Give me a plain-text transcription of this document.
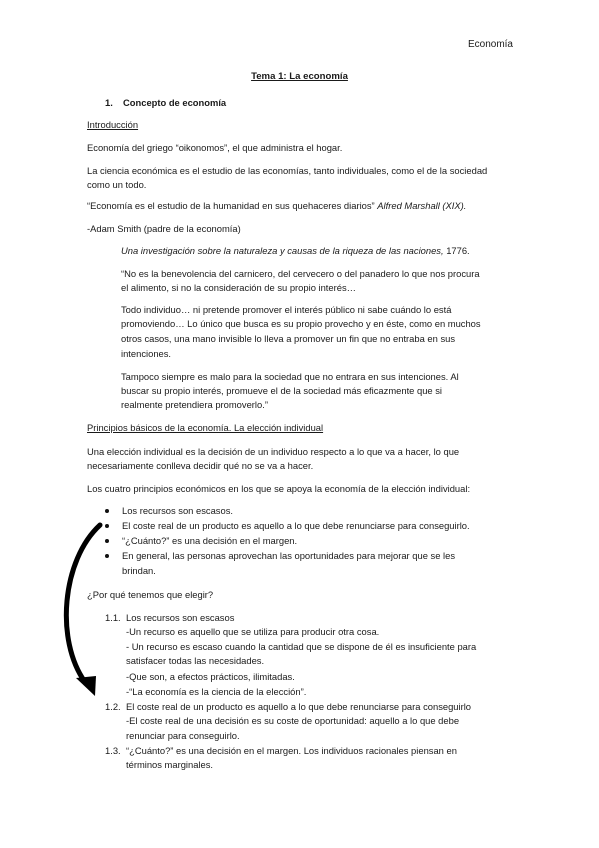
Economía
Tema 1: La economía
1. Concepto de economía
Introducción
Economía del griego “oikonomos”, el que administra el hogar.
La ciencia económica es el estudio de las economías, tanto individuales, como el de la sociedad
como un todo.
“Economía es el estudio de la humanidad en sus quehaceres diarios” Alfred Marshall (XIX).
-Adam Smith (padre de la economía)
Una investigación sobre la naturaleza y causas de la riqueza de las naciones, 1776.
“No es la benevolencia del carnicero, del cervecero o del panadero lo que nos procura
el alimento, si no la consideración de su propio interés…
Todo individuo… ni pretende promover el interés público ni sabe cuándo lo está
promoviendo… Lo único que busca es su propio provecho y en éste, como en muchos
otros casos, una mano invisible lo lleva a promover un fin que no entraba en sus
intenciones.
Tampoco siempre es malo para la sociedad que no entrara en sus intenciones. Al
buscar su propio interés, promueve el de la sociedad más eficazmente que si
realmente pretendiera promoverlo.”
Principios básicos de la economía. La elección individual
Una elección individual es la decisión de un individuo respecto a lo que va a hacer, lo que
necesariamente conlleva decidir qué no se va a hacer.
Los cuatro principios económicos en los que se apoya la economía de la elección individual:
Los recursos son escasos.
El coste real de un producto es aquello a lo que debe renunciarse para conseguirlo.
“¿Cuánto?” es una decisión en el margen.
En general, las personas aprovechan las oportunidades para mejorar que se les
brindan.
¿Por qué tenemos que elegir?
1.1. Los recursos son escasos
-Un recurso es aquello que se utiliza para producir otra cosa.
- Un recurso es escaso cuando la cantidad que se dispone de él es insuficiente para
satisfacer todas las necesidades.
-Que son, a efectos prácticos, ilimitadas.
-“La economía es la ciencia de la elección”.
1.2. El coste real de un producto es aquello a lo que debe renunciarse para conseguirlo
-El coste real de una decisión es su coste de oportunidad: aquello a lo que debe
renunciar para conseguirlo.
1.3. “¿Cuánto?” es una decisión en el margen. Los individuos racionales piensan en
términos marginales.
